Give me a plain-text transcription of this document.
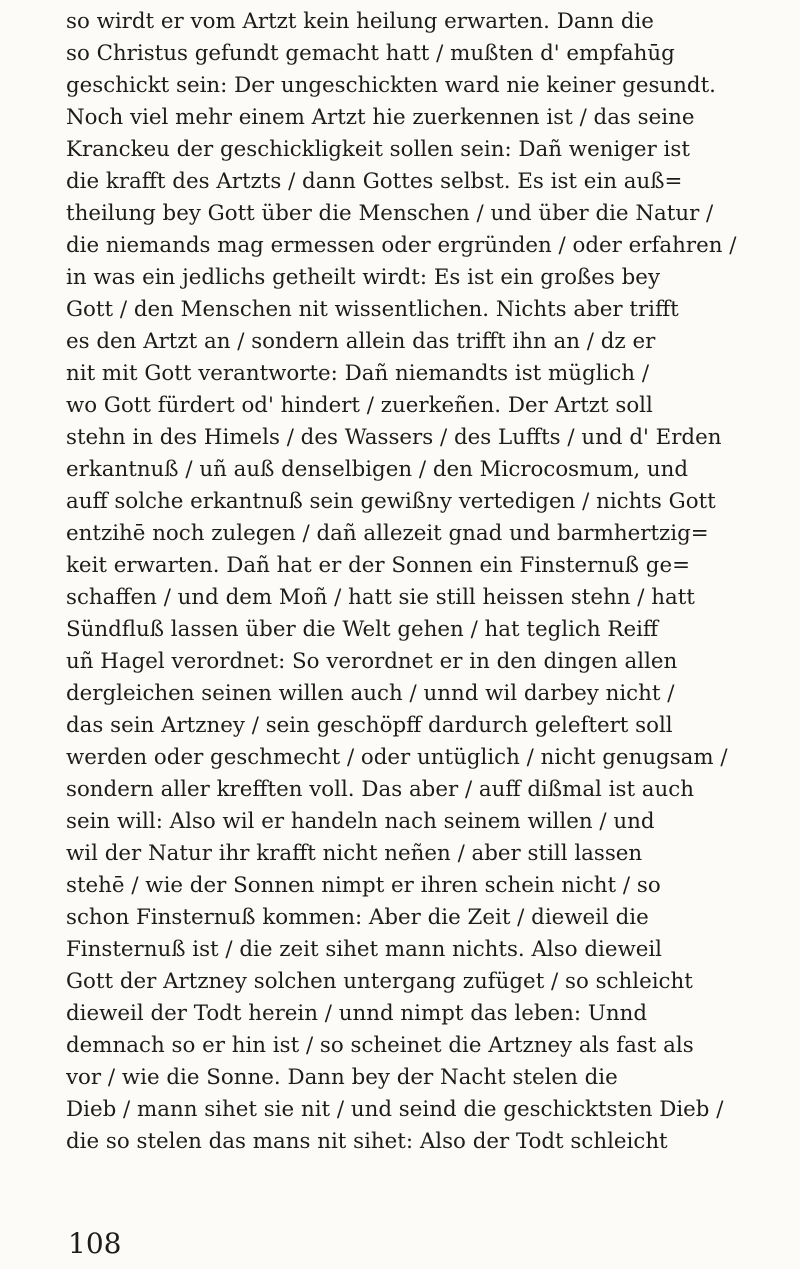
so wirdt er vom Artzt kein heilung erwarten. Dann die
so Christus gefundt gemacht hatt / mußten d' empfahūg
geschickt sein: Der ungeschickten ward nie keiner gesundt.
Noch viel mehr einem Artzt hie zuerkennen ist / das seine
Kranckeu der geschickligkeit sollen sein: Dañ weniger ist
die krafft des Artzts / dann Gottes selbst. Es ist ein auß=
theilung bey Gott über die Menschen / und über die Natur /
die niemands mag ermessen oder ergründen / oder erfahren /
in was ein jedlichs getheilt wirdt: Es ist ein großes bey
Gott / den Menschen nit wissentlichen. Nichts aber trifft
es den Artzt an / sondern allein das trifft ihn an / dz er
nit mit Gott verantworte: Dañ niemandts ist müglich /
wo Gott fürdert od' hindert / zuerkeñen. Der Artzt soll
stehn in des Himels / des Wassers / des Luffts / und d' Erden
erkantnuß / uñ auß denselbigen / den Microcosmum, und
auff solche erkantnuß sein gewißny vertedigen / nichts Gott
entzihē noch zulegen / dañ allezeit gnad und barmhertzig=
keit erwarten. Dañ hat er der Sonnen ein Finsternuß ge=
schaffen / und dem Moñ / hatt sie still heissen stehn / hatt
Sündfluß lassen über die Welt gehen / hat teglich Reiff
uñ Hagel verordnet: So verordnet er in den dingen allen
dergleichen seinen willen auch / unnd wil darbey nicht /
das sein Artzney / sein geschöpff dardurch geleftert soll
werden oder geschmecht / oder untüglich / nicht genugsam /
sondern aller krefften voll. Das aber / auff dißmal ist auch
sein will: Also wil er handeln nach seinem willen / und
wil der Natur ihr krafft nicht neñen / aber still lassen
stehē / wie der Sonnen nimpt er ihren schein nicht / so
schon Finsternuß kommen: Aber die Zeit / dieweil die
Finsternuß ist / die zeit sihet mann nichts. Also dieweil
Gott der Artzney solchen untergang zufüget / so schleicht
dieweil der Todt herein / unnd nimpt das leben: Unnd
demnach so er hin ist / so scheinet die Artzney als fast als
vor / wie die Sonne. Dann bey der Nacht stelen die
Dieb / mann sihet sie nit / und seind die geschicktsten Dieb /
die so stelen das mans nit sihet: Also der Todt schleicht
108
